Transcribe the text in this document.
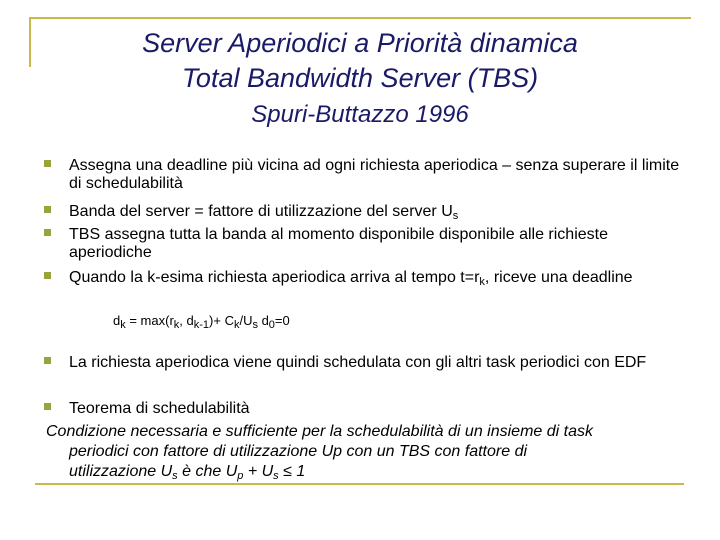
Server Aperiodici a Priorità dinamica
Total Bandwidth Server (TBS)
Spuri-Buttazzo 1996
Assegna una deadline più vicina ad ogni richiesta aperiodica – senza superare il limite di schedulabilità
Banda del server = fattore di utilizzazione del server $U_s$
TBS assegna tutta la banda al momento disponibile disponibile alle richieste aperiodiche
Quando la k-esima richiesta aperiodica arriva al tempo $t=r_k$, riceve una deadline
$d_k = \max(r_k$, $d_{k-1})+ C_k/U_s$ $d_0=0$
La richiesta aperiodica viene quindi schedulata con gli altri task periodici con EDF
Teorema di schedulabilità
Condizione necessaria e sufficiente per la schedulabilità di un insieme di task
periodici con fattore di utilizzazione Up con un TBS con fattore di
utilizzazione $U_s$ è che $U_p + U_s \le 1$
